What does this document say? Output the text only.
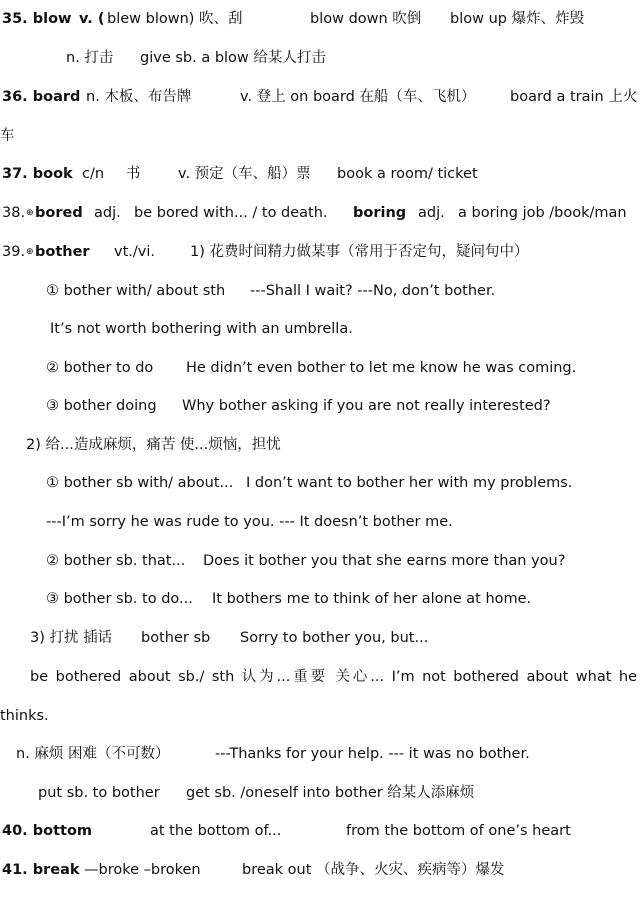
35. blow v. ( blew blown) 吹、刮	blow down 吹倒 blow up 爆炸、炸毁
n. 打击 give sb. a blow 给某人打击
36. board n. 木板、布告牌	v. 登上 on board 在船（车、飞机） board a train 上火
车
37. book c/n 书	v. 预定（车、船）票 book a room/ ticket
38. ⊕ bored adj. be bored with... / to death. boring adj. a boring job /book/man
39. ⊕ bother vt./vi. 1) 花费时间精力做某事（常用于否定句，疑问句中）
① bother with/ about sth ---Shall I wait? ---No, don’t bother.
It’s not worth bothering with an umbrella.
② bother to do He didn’t even bother to let me know he was coming.
③ bother doing Why bother asking if you are not really interested?
2) 给...造成麻烦，痛苦 使...烦恼，担忧
① bother sb with/ about... I don’t want to bother her with my problems.
---I’m sorry he was rude to you. --- It doesn’t bother me.
② bother sb. that... Does it bother you that she earns more than you?
③ bother sb. to do... It bothers me to think of her alone at home.
3) 打扰 插话 bother sb Sorry to bother you, but...
be bothered about sb./ sth 认为...重要 关心... I’m not bothered about what he
thinks.
n. 麻烦 困难（不可数）	---Thanks for your help. --- it was no bother.
put sb. to bother get sb. /oneself into bother 给某人添麻烦
40. bottom	at the bottom of...	from the bottom of one’s heart
41. break —broke –broken	break out （战争、火灾、疾病等）爆发
